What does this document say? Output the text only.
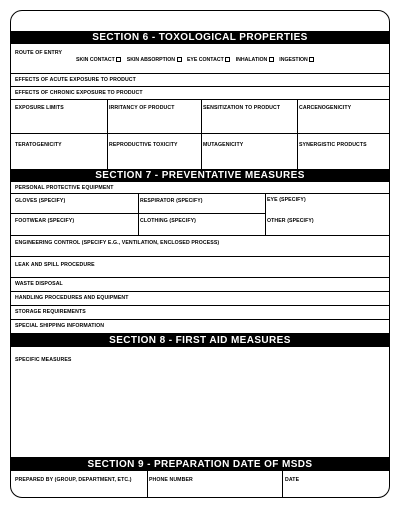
SECTION 6 - TOXOLOGICAL PROPERTIES
ROUTE OF ENTRY
EFFECTS OF ACUTE EXPOSURE TO PRODUCT
EFFECTS OF CHRONIC EXPOSURE TO PRODUCT
EXPOSURE LIMITS	IRRITANCY OF PRODUCT	SENSITIZATION TO PRODUCT	CARCENOGENICITY
TERATOGENICITY	REPRODUCTIVE TOXICITY	MUTAGENICITY	SYNERGISTIC PRODUCTS
SECTION 7 - PREVENTATIVE MEASURES
PERSONAL PROTECTIVE EQUIPMENT
GLOVES (SPECIFY)	RESPIRATOR (SPECIFY)	EYE (SPECIFY)
FOOTWEAR (SPECIFY)	CLOTHING (SPECIFY)	OTHER (SPECIFY)
ENGINEERING CONTROL (SPECIFY E.G., VENTILATION, ENCLOSED PROCESS)
LEAK AND SPILL PROCEDURE
WASTE DISPOSAL
HANDLING PROCEDURES AND EQUIPMENT
STORAGE REQUIREMENTS
SPECIAL SHIPPING INFORMATION
SECTION 8 - FIRST AID MEASURES
SPECIFIC MEASURES
SECTION 9 - PREPARATION DATE OF MSDS
PREPARED BY (GROUP, DEPARTMENT, ETC.)	PHONE NUMBER	DATE
SKIN CONTACT SKIN ABSORPTION EYE CONTACT INHALATION INGESTION
